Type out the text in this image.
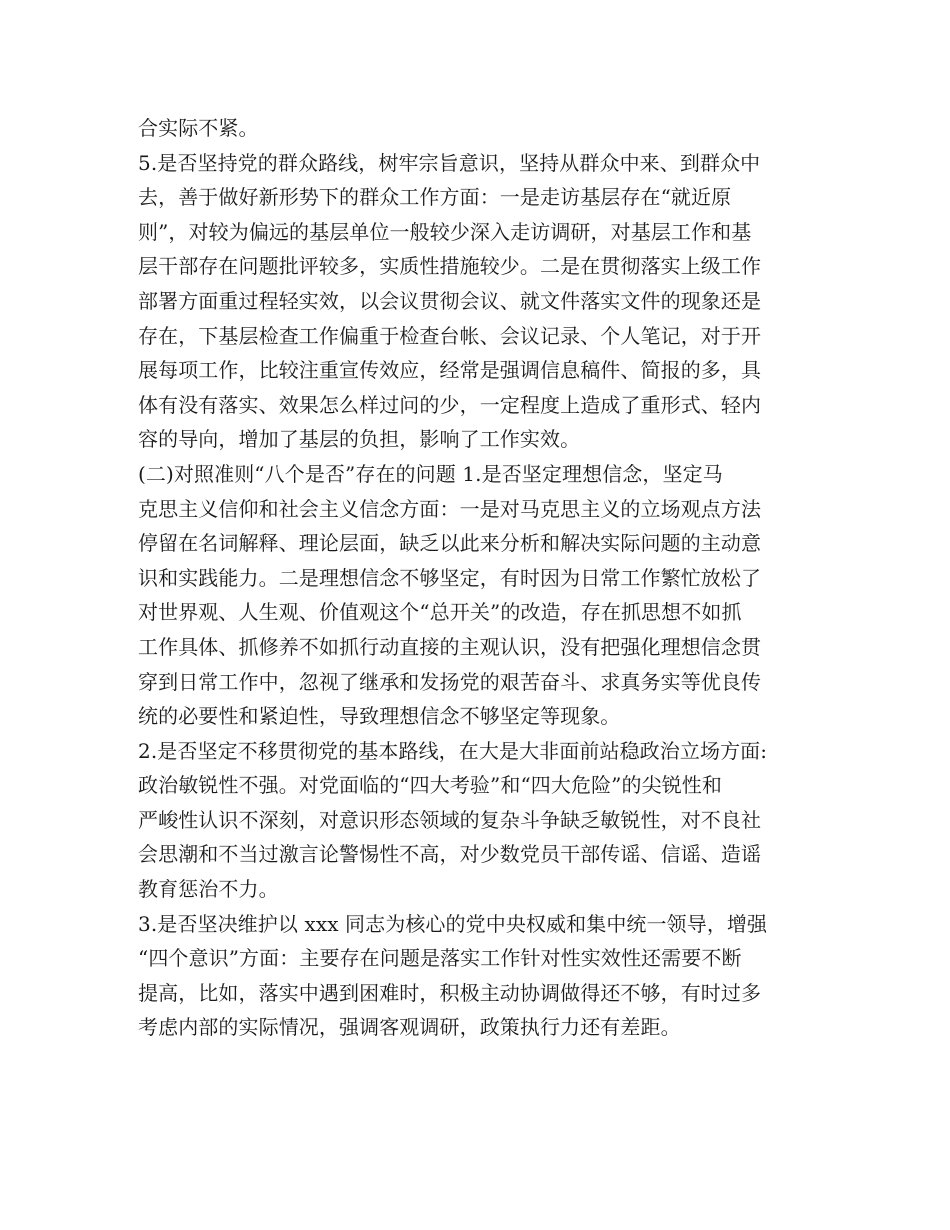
合实际不紧。
5.是否坚持党的群众路线，树牢宗旨意识，坚持从群众中来、到群众中
去，善于做好新形势下的群众工作方面：一是走访基层存在“就近原
则”，对较为偏远的基层单位一般较少深入走访调研，对基层工作和基
层干部存在问题批评较多，实质性措施较少。二是在贯彻落实上级工作
部署方面重过程轻实效，以会议贯彻会议、就文件落实文件的现象还是
存在，下基层检查工作偏重于检查台帐、会议记录、个人笔记，对于开
展每项工作，比较注重宣传效应，经常是强调信息稿件、简报的多，具
体有没有落实、效果怎么样过问的少，一定程度上造成了重形式、轻内
容的导向，增加了基层的负担，影响了工作实效。
(二)对照准则“八个是否”存在的问题 1.是否坚定理想信念，坚定马
克思主义信仰和社会主义信念方面：一是对马克思主义的立场观点方法
停留在名词解释、理论层面，缺乏以此来分析和解决实际问题的主动意
识和实践能力。二是理想信念不够坚定，有时因为日常工作繁忙放松了
对世界观、人生观、价值观这个“总开关”的改造，存在抓思想不如抓
工作具体、抓修养不如抓行动直接的主观认识，没有把强化理想信念贯
穿到日常工作中，忽视了继承和发扬党的艰苦奋斗、求真务实等优良传
统的必要性和紧迫性，导致理想信念不够坚定等现象。
2.是否坚定不移贯彻党的基本路线，在大是大非面前站稳政治立场方面:
政治敏锐性不强。对党面临的“四大考验”和“四大危险”的尖锐性和
严峻性认识不深刻，对意识形态领域的复杂斗争缺乏敏锐性，对不良社
会思潮和不当过激言论警惕性不高，对少数党员干部传谣、信谣、造谣
教育惩治不力。
3.是否坚决维护以 xxx 同志为核心的党中央权威和集中统一领导，增强
“四个意识”方面：主要存在问题是落实工作针对性实效性还需要不断
提高，比如，落实中遇到困难时，积极主动协调做得还不够，有时过多
考虑内部的实际情况，强调客观调研，政策执行力还有差距。
